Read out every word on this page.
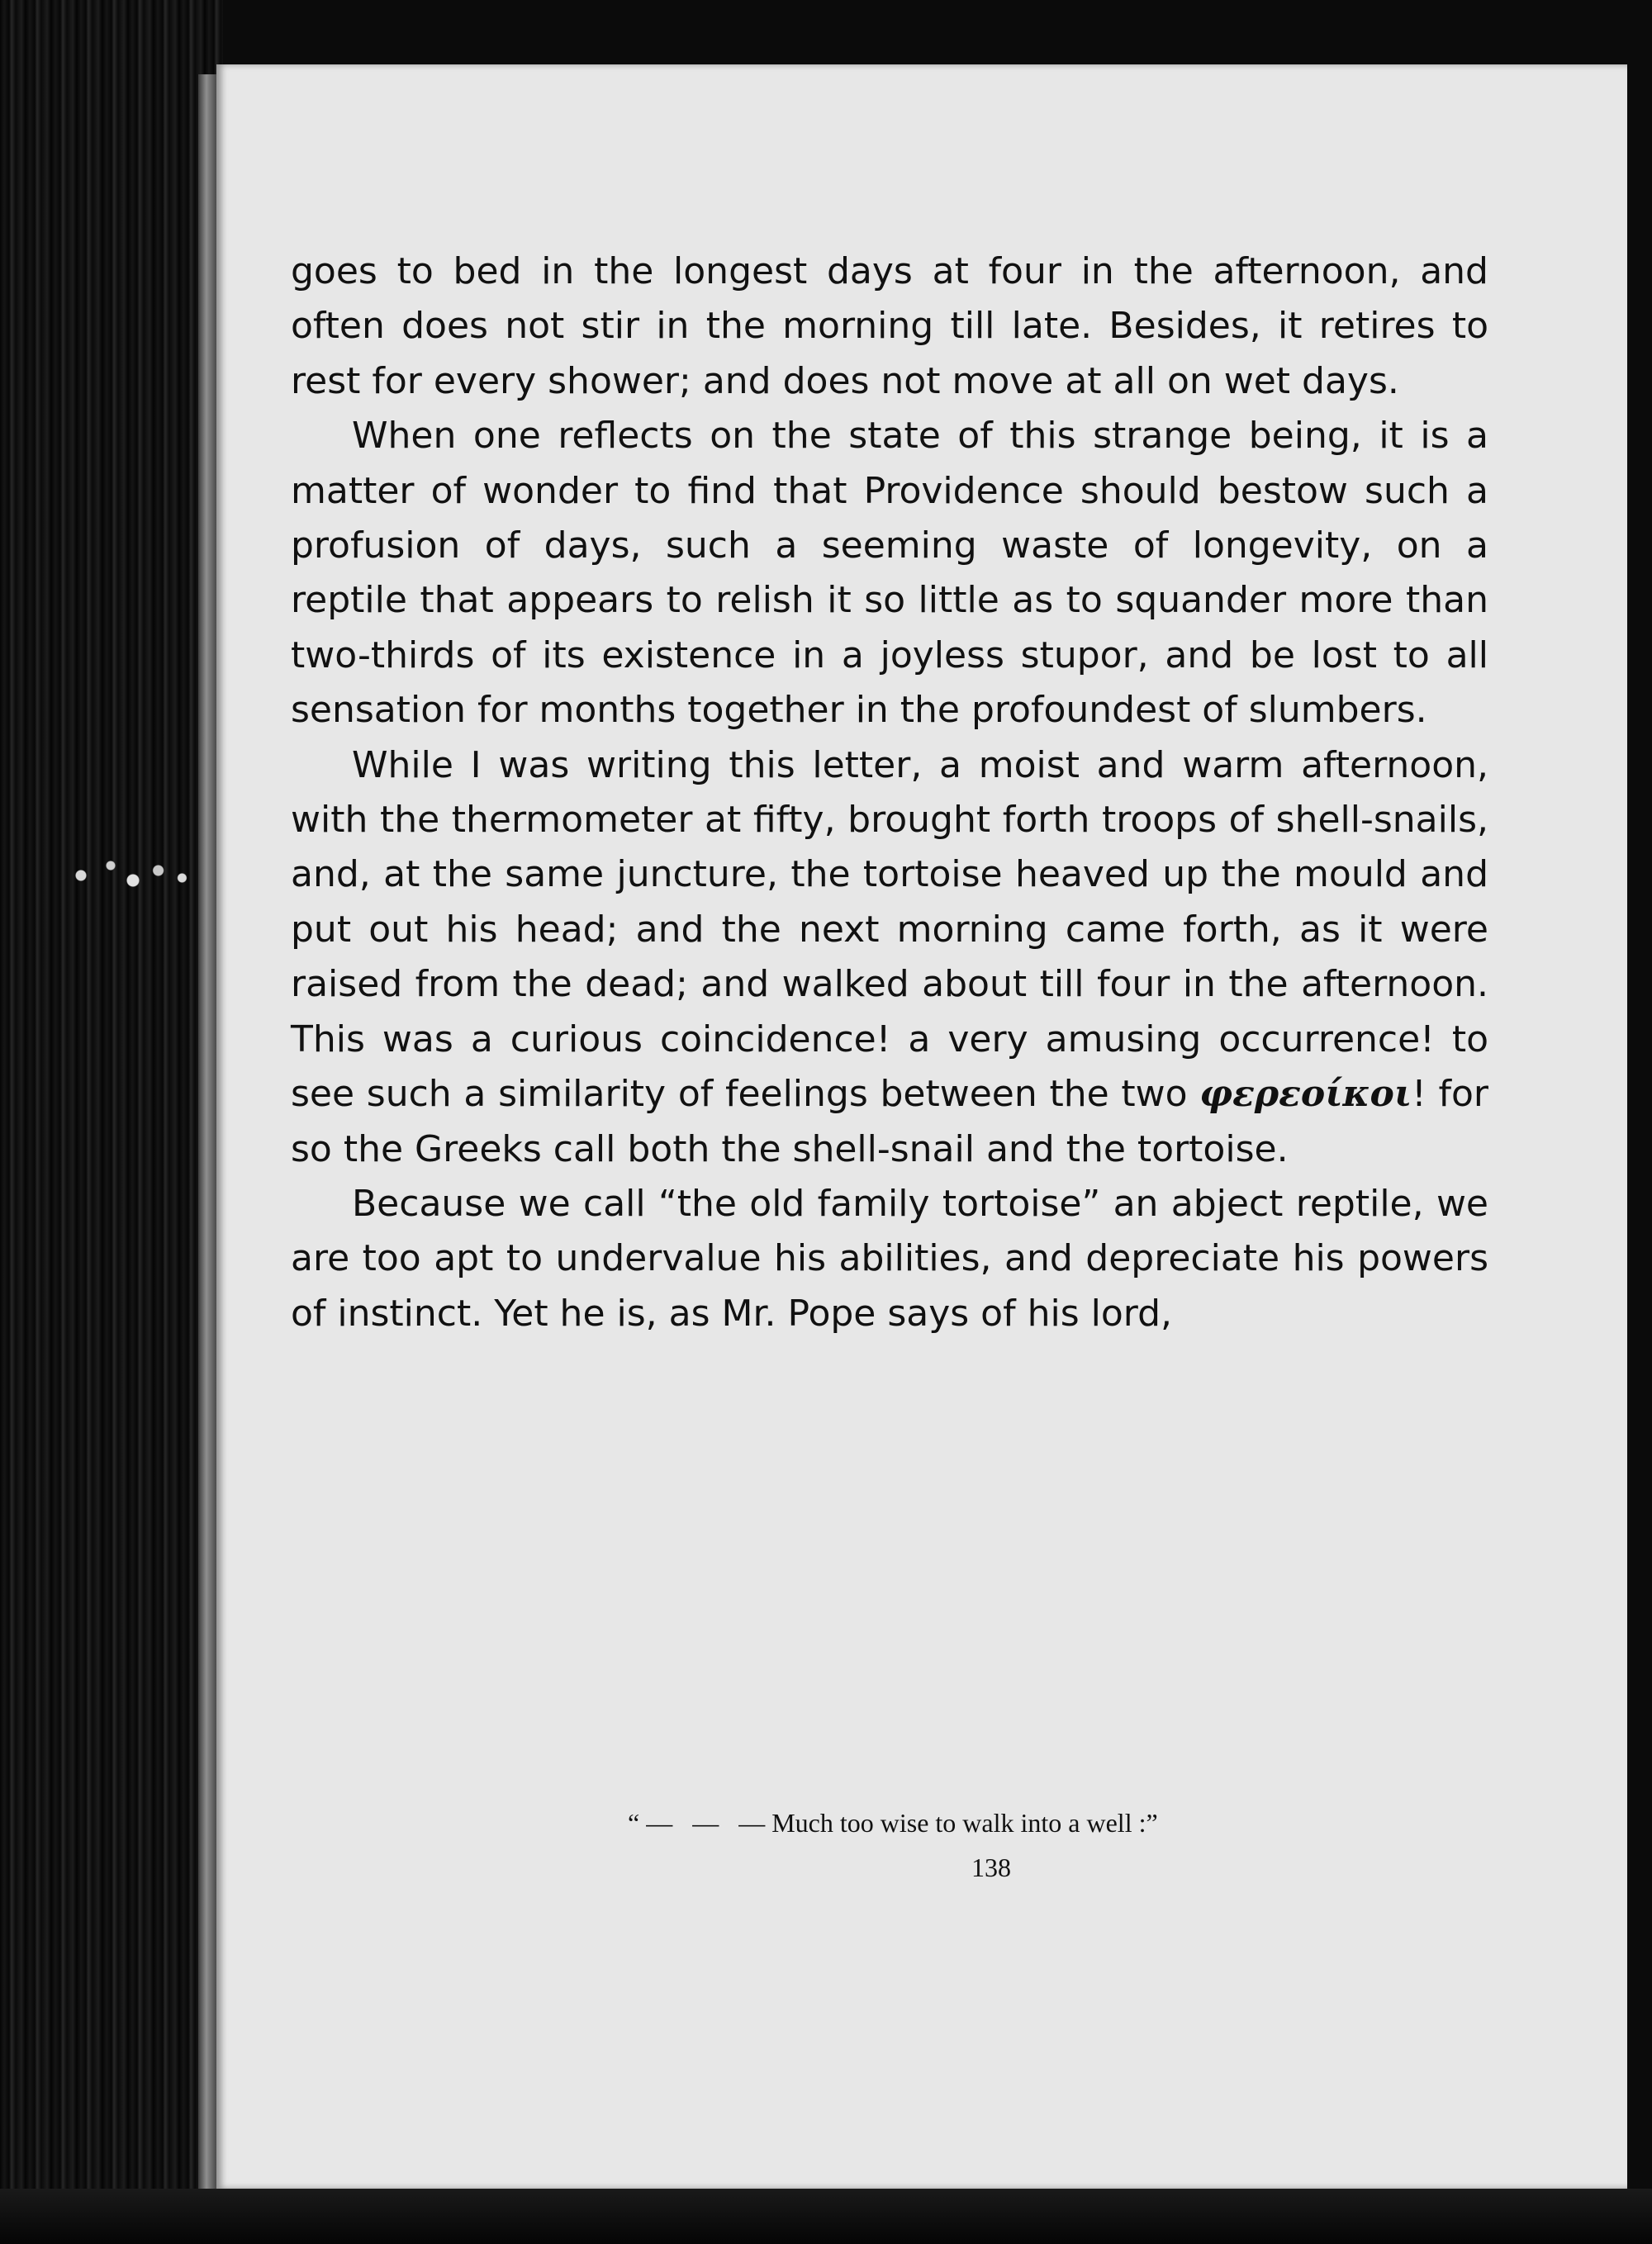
goes to bed in the longest days at four in the afternoon, and often does not stir in the morning till late. Besides, it retires to rest for every shower; and does not move at all on wet days.

When one reflects on the state of this strange being, it is a matter of wonder to find that Providence should bestow such a profusion of days, such a seeming waste of longevity, on a reptile that appears to relish it so little as to squander more than two-thirds of its existence in a joyless stupor, and be lost to all sensation for months together in the profoundest of slumbers.

While I was writing this letter, a moist and warm afternoon, with the thermometer at fifty, brought forth troops of shell-snails, and, at the same juncture, the tortoise heaved up the mould and put out his head; and the next morning came forth, as it were raised from the dead; and walked about till four in the afternoon. This was a curious coincidence! a very amusing occurrence! to see such a similarity of feelings between the two φερεοίκοι! for so the Greeks call both the shell-snail and the tortoise.

Because we call “the old family tortoise” an abject reptile, we are too apt to undervalue his abilities, and depreciate his powers of instinct. Yet he is, as Mr. Pope says of his lord,

“ —   —   — Much too wise to walk into a well :”
138
